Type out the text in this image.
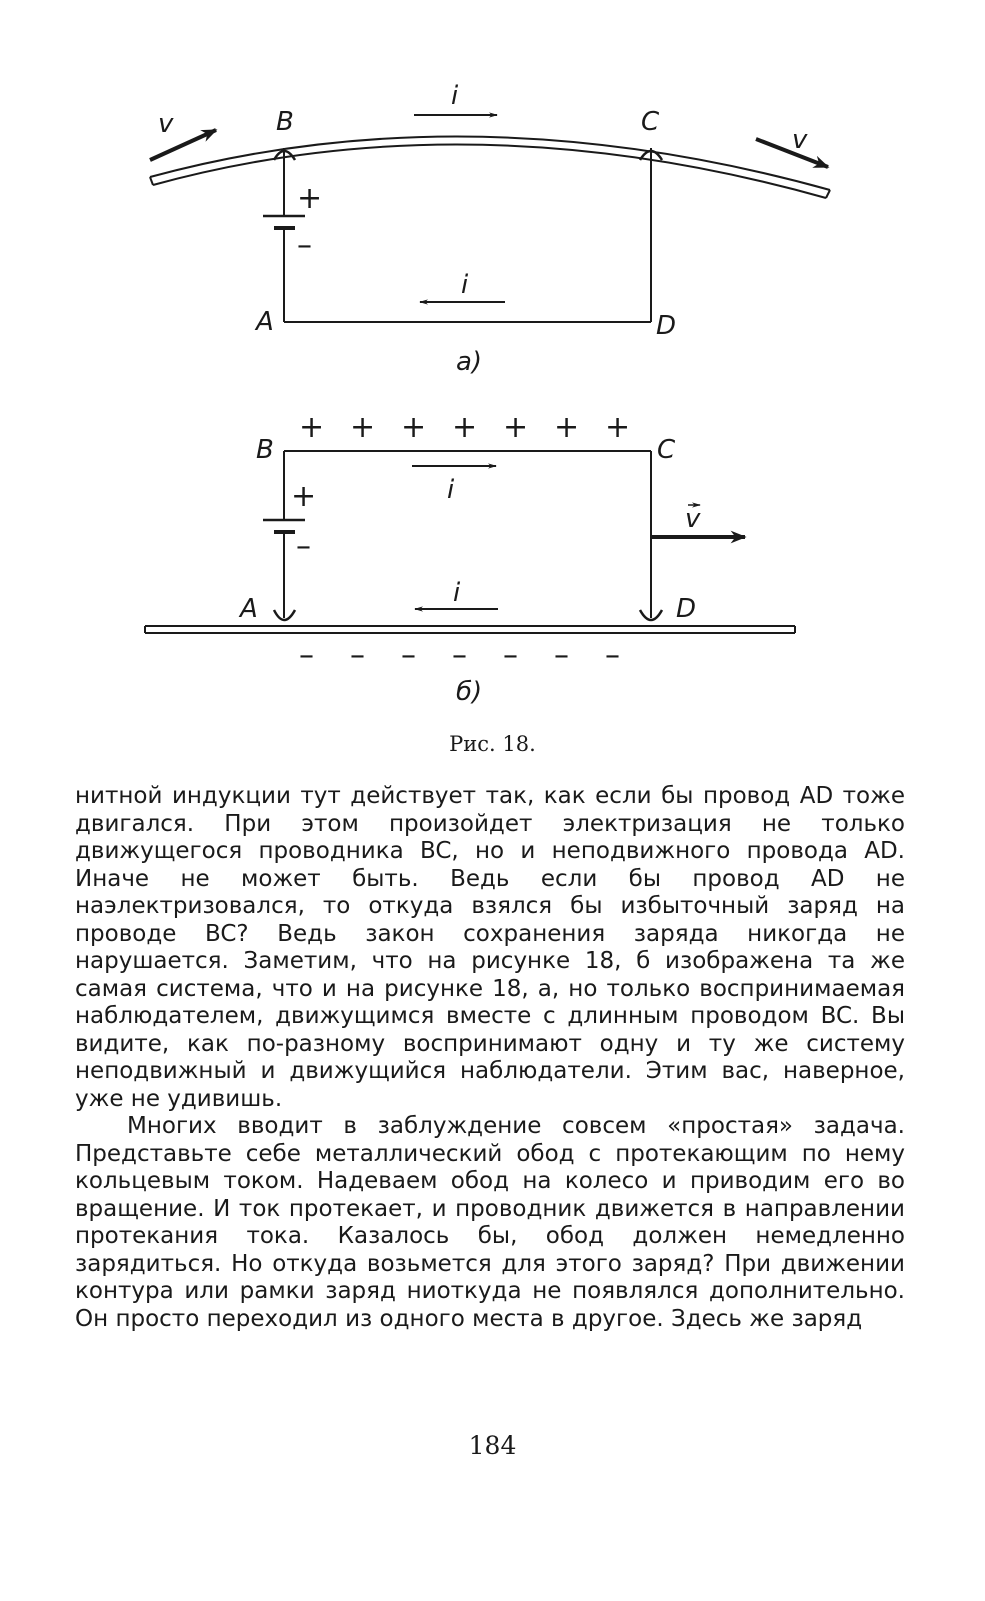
v
v
+
–
B	C
A	D
i
i
а)
+ + + + + + +
+
–
B	C
A	D
i
i
v
– – – – – – –
б)
Рис. 18.

нитной индукции тут действует так, как если бы провод AD тоже двигался. При этом произойдет электризация не только движущегося проводника BC, но и неподвижного провода AD. Иначе не может быть. Ведь если бы провод AD не наэлектризовался, то откуда взялся бы избыточный заряд на проводе BC? Ведь закон сохранения заряда никогда не нарушается. Заметим, что на рисунке 18, б изображена та же самая система, что и на рисунке 18, а, но только воспринимаемая наблюдателем, движущимся вместе с длинным проводом BC. Вы видите, как по-разному воспринимают одну и ту же систему неподвижный и движущийся наблюдатели. Этим вас, наверное, уже не удивишь.

Многих вводит в заблуждение совсем «простая» задача. Представьте себе металлический обод с протекающим по нему кольцевым током. Надеваем обод на колесо и приводим его во вращение. И ток протекает, и проводник движется в направлении протекания тока. Казалось бы, обод должен немедленно зарядиться. Но откуда возьмется для этого заряд? При движении контура или рамки заряд ниоткуда не появлялся дополнительно. Он просто переходил из одного места в другое. Здесь же заряд

184
